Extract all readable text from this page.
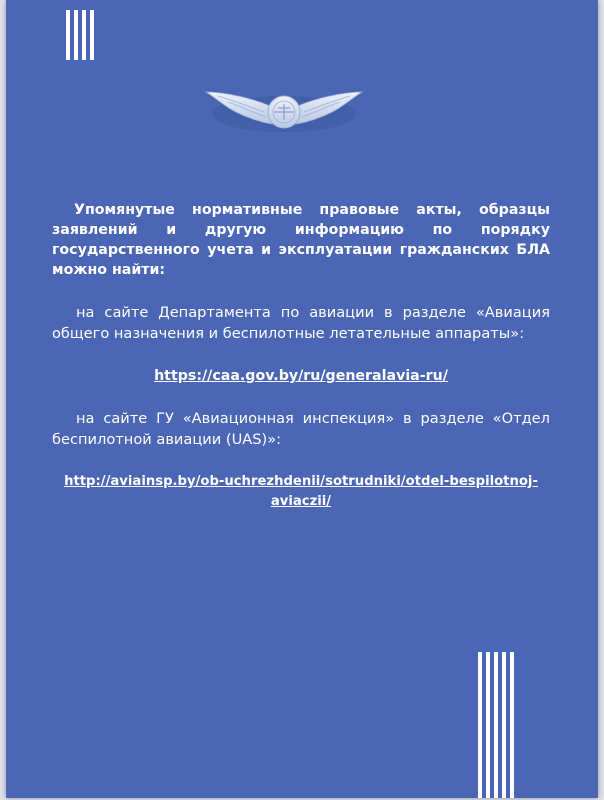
Упомянутые нормативные правовые акты, образцы заявлений и другую информацию по порядку государственного учета и эксплуатации гражданских БЛА можно найти:

на сайте Департамента по авиации в разделе «Авиация общего назначения и беспилотные летательные аппараты»:

https://caa.gov.by/ru/generalavia-ru/

на сайте ГУ «Авиационная инспекция» в разделе «Отдел беспилотной авиации (UAS)»:

http://aviainsp.by/ob-uchrezhdenii/sotrudniki/otdel-bespilotnoj-aviaczii/
